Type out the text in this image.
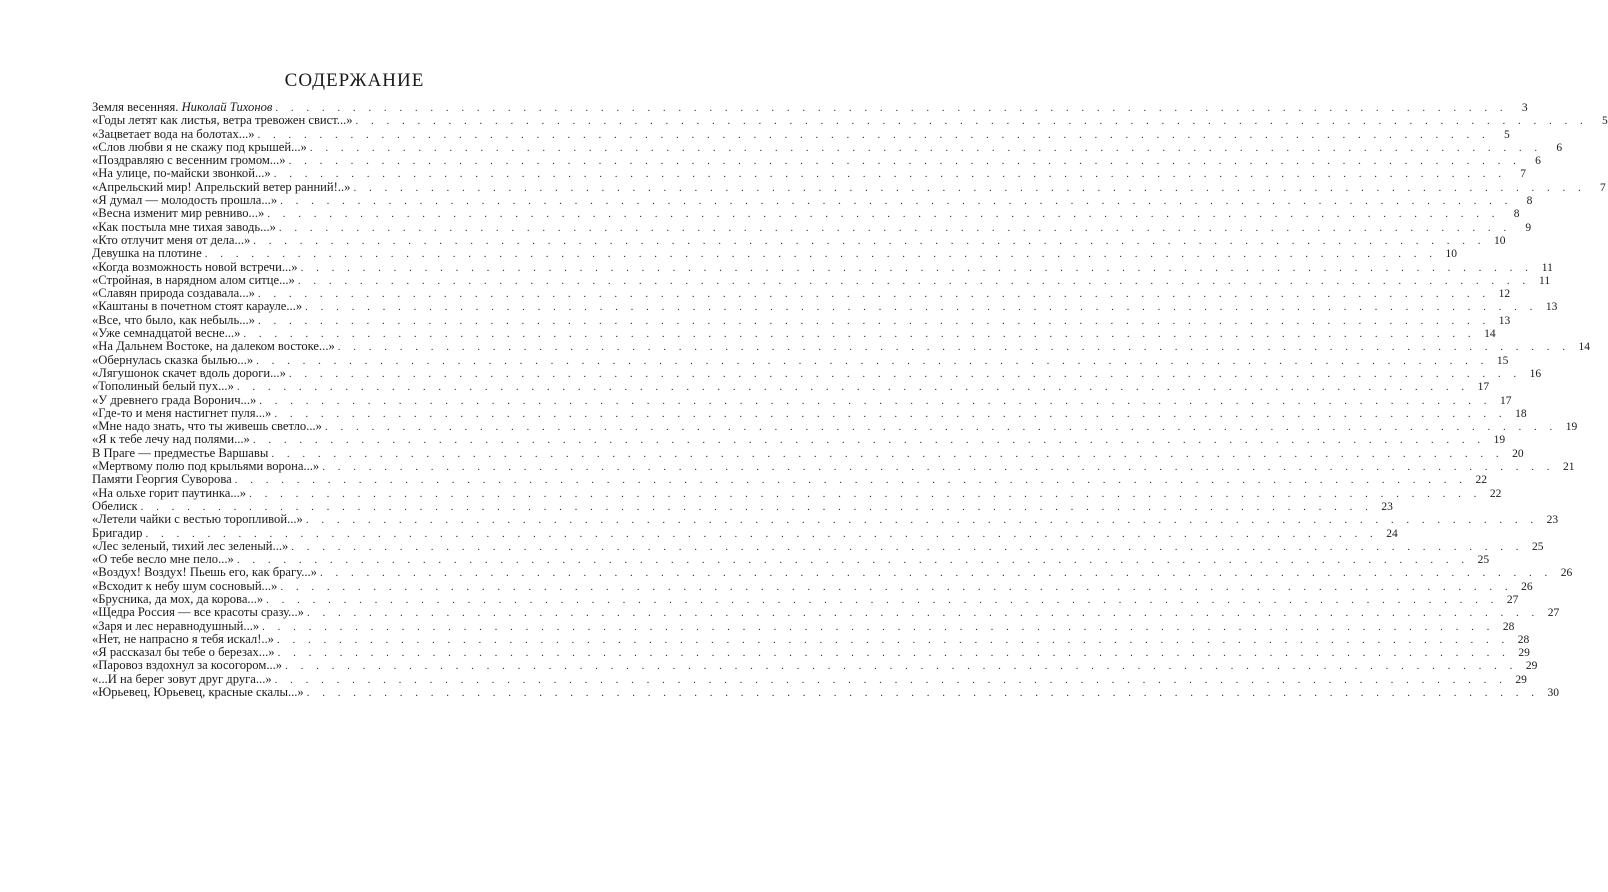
СОДЕРЖАНИЕ
Земля весенняя. Николай Тихонов . . . . . . . . . . . . . . . . . . . . . . . . . . . . . . . . . . . . . . . . . . . . . . . . . . . . . . . . . . . . . . . . . . . . . . . . . . . . . . . .	3
«Годы летят как листья, ветра тревожен свист...» . . . . . . . . . . . . . . . . . . . . . . . . . . . . . . . . . . . . . . . . . . . . . . . . . . . . . . . . . . . . . . . . . . . . . . . . . . . . . . . .	5
«Зацветает вода на болотах...» . . . . . . . . . . . . . . . . . . . . . . . . . . . . . . . . . . . . . . . . . . . . . . . . . . . . . . . . . . . . . . . . . . . . . . . . . . . . . . . .	5
«Слов любви я не скажу под крышей...» . . . . . . . . . . . . . . . . . . . . . . . . . . . . . . . . . . . . . . . . . . . . . . . . . . . . . . . . . . . . . . . . . . . . . . . . . . . . . . . .	6
«Поздравляю с весенним громом...» . . . . . . . . . . . . . . . . . . . . . . . . . . . . . . . . . . . . . . . . . . . . . . . . . . . . . . . . . . . . . . . . . . . . . . . . . . . . . . . .	6
«На улице, по-майски звонкой...» . . . . . . . . . . . . . . . . . . . . . . . . . . . . . . . . . . . . . . . . . . . . . . . . . . . . . . . . . . . . . . . . . . . . . . . . . . . . . . . .	7
«Апрельский мир! Апрельский ветер ранний!..» . . . . . . . . . . . . . . . . . . . . . . . . . . . . . . . . . . . . . . . . . . . . . . . . . . . . . . . . . . . . . . . . . . . . . . . . . . . . . . . .	7
«Я думал — молодость прошла...» . . . . . . . . . . . . . . . . . . . . . . . . . . . . . . . . . . . . . . . . . . . . . . . . . . . . . . . . . . . . . . . . . . . . . . . . . . . . . . . .	8
«Весна изменит мир ревниво...» . . . . . . . . . . . . . . . . . . . . . . . . . . . . . . . . . . . . . . . . . . . . . . . . . . . . . . . . . . . . . . . . . . . . . . . . . . . . . . . .	8
«Как постыла мне тихая заводь...» . . . . . . . . . . . . . . . . . . . . . . . . . . . . . . . . . . . . . . . . . . . . . . . . . . . . . . . . . . . . . . . . . . . . . . . . . . . . . . . .	9
«Кто отлучит меня от дела...» . . . . . . . . . . . . . . . . . . . . . . . . . . . . . . . . . . . . . . . . . . . . . . . . . . . . . . . . . . . . . . . . . . . . . . . . . . . . . . . . 10
Девушка на плотине . . . . . . . . . . . . . . . . . . . . . . . . . . . . . . . . . . . . . . . . . . . . . . . . . . . . . . . . . . . . . . . . . . . . . . . . . . . . . . . . 10
«Когда возможность новой встречи...» . . . . . . . . . . . . . . . . . . . . . . . . . . . . . . . . . . . . . . . . . . . . . . . . . . . . . . . . . . . . . . . . . . . . . . . . . . . . . . . . 11
«Стройная, в нарядном алом ситце...» . . . . . . . . . . . . . . . . . . . . . . . . . . . . . . . . . . . . . . . . . . . . . . . . . . . . . . . . . . . . . . . . . . . . . . . . . . . . . . . . 11
«Славян природа создавала...» . . . . . . . . . . . . . . . . . . . . . . . . . . . . . . . . . . . . . . . . . . . . . . . . . . . . . . . . . . . . . . . . . . . . . . . . . . . . . . . . 12
«Каштаны в почетном стоят карауле...» . . . . . . . . . . . . . . . . . . . . . . . . . . . . . . . . . . . . . . . . . . . . . . . . . . . . . . . . . . . . . . . . . . . . . . . . . . . . . . . . 13
«Все, что было, как небыль...» . . . . . . . . . . . . . . . . . . . . . . . . . . . . . . . . . . . . . . . . . . . . . . . . . . . . . . . . . . . . . . . . . . . . . . . . . . . . . . . . 13
«Уже семнадцатой весне...» . . . . . . . . . . . . . . . . . . . . . . . . . . . . . . . . . . . . . . . . . . . . . . . . . . . . . . . . . . . . . . . . . . . . . . . . . . . . . . . . 14
«На Дальнем Востоке, на далеком востоке...» . . . . . . . . . . . . . . . . . . . . . . . . . . . . . . . . . . . . . . . . . . . . . . . . . . . . . . . . . . . . . . . . . . . . . . . . . . . . . . . . 14
«Обернулась сказка былью...» . . . . . . . . . . . . . . . . . . . . . . . . . . . . . . . . . . . . . . . . . . . . . . . . . . . . . . . . . . . . . . . . . . . . . . . . . . . . . . . . 15
«Лягушонок скачет вдоль дороги...» . . . . . . . . . . . . . . . . . . . . . . . . . . . . . . . . . . . . . . . . . . . . . . . . . . . . . . . . . . . . . . . . . . . . . . . . . . . . . . . . 16
«Тополиный белый пух...» . . . . . . . . . . . . . . . . . . . . . . . . . . . . . . . . . . . . . . . . . . . . . . . . . . . . . . . . . . . . . . . . . . . . . . . . . . . . . . . . 17
«У древнего града Воронич...» . . . . . . . . . . . . . . . . . . . . . . . . . . . . . . . . . . . . . . . . . . . . . . . . . . . . . . . . . . . . . . . . . . . . . . . . . . . . . . . . 17
«Где-то и меня настигнет пуля...» . . . . . . . . . . . . . . . . . . . . . . . . . . . . . . . . . . . . . . . . . . . . . . . . . . . . . . . . . . . . . . . . . . . . . . . . . . . . . . . . 18
«Мне надо знать, что ты живешь светло...» . . . . . . . . . . . . . . . . . . . . . . . . . . . . . . . . . . . . . . . . . . . . . . . . . . . . . . . . . . . . . . . . . . . . . . . . . . . . . . . . 19
«Я к тебе лечу над полями...» . . . . . . . . . . . . . . . . . . . . . . . . . . . . . . . . . . . . . . . . . . . . . . . . . . . . . . . . . . . . . . . . . . . . . . . . . . . . . . . . 19
В Праге — предместье Варшавы . . . . . . . . . . . . . . . . . . . . . . . . . . . . . . . . . . . . . . . . . . . . . . . . . . . . . . . . . . . . . . . . . . . . . . . . . . . . . . . . 20
«Мертвому полю под крыльями ворона...» . . . . . . . . . . . . . . . . . . . . . . . . . . . . . . . . . . . . . . . . . . . . . . . . . . . . . . . . . . . . . . . . . . . . . . . . . . . . . . . . 21
Памяти Георгия Суворова . . . . . . . . . . . . . . . . . . . . . . . . . . . . . . . . . . . . . . . . . . . . . . . . . . . . . . . . . . . . . . . . . . . . . . . . . . . . . . . . 22
«На ольхе горит паутинка...» . . . . . . . . . . . . . . . . . . . . . . . . . . . . . . . . . . . . . . . . . . . . . . . . . . . . . . . . . . . . . . . . . . . . . . . . . . . . . . . . 22
Обелиск . . . . . . . . . . . . . . . . . . . . . . . . . . . . . . . . . . . . . . . . . . . . . . . . . . . . . . . . . . . . . . . . . . . . . . . . . . . . . . . . 23
«Летели чайки с вестью торопливой...» . . . . . . . . . . . . . . . . . . . . . . . . . . . . . . . . . . . . . . . . . . . . . . . . . . . . . . . . . . . . . . . . . . . . . . . . . . . . . . . . 23
Бригадир . . . . . . . . . . . . . . . . . . . . . . . . . . . . . . . . . . . . . . . . . . . . . . . . . . . . . . . . . . . . . . . . . . . . . . . . . . . . . . . . 24
«Лес зеленый, тихий лес зеленый...» . . . . . . . . . . . . . . . . . . . . . . . . . . . . . . . . . . . . . . . . . . . . . . . . . . . . . . . . . . . . . . . . . . . . . . . . . . . . . . . . 25
«О тебе весло мне пело...» . . . . . . . . . . . . . . . . . . . . . . . . . . . . . . . . . . . . . . . . . . . . . . . . . . . . . . . . . . . . . . . . . . . . . . . . . . . . . . . . 25
«Воздух! Воздух! Пьешь его, как брагу...» . . . . . . . . . . . . . . . . . . . . . . . . . . . . . . . . . . . . . . . . . . . . . . . . . . . . . . . . . . . . . . . . . . . . . . . . . . . . . . . . 26
«Всходит к небу шум сосновый...» . . . . . . . . . . . . . . . . . . . . . . . . . . . . . . . . . . . . . . . . . . . . . . . . . . . . . . . . . . . . . . . . . . . . . . . . . . . . . . . . 26
«Брусника, да мох, да корова...» . . . . . . . . . . . . . . . . . . . . . . . . . . . . . . . . . . . . . . . . . . . . . . . . . . . . . . . . . . . . . . . . . . . . . . . . . . . . . . . . 27
«Щедра Россия — все красоты сразу...» . . . . . . . . . . . . . . . . . . . . . . . . . . . . . . . . . . . . . . . . . . . . . . . . . . . . . . . . . . . . . . . . . . . . . . . . . . . . . . . . 27
«Заря и лес неравнодушный...» . . . . . . . . . . . . . . . . . . . . . . . . . . . . . . . . . . . . . . . . . . . . . . . . . . . . . . . . . . . . . . . . . . . . . . . . . . . . . . . . 28
«Нет, не напрасно я тебя искал!..» . . . . . . . . . . . . . . . . . . . . . . . . . . . . . . . . . . . . . . . . . . . . . . . . . . . . . . . . . . . . . . . . . . . . . . . . . . . . . . . . 28
«Я рассказал бы тебе о березах...» . . . . . . . . . . . . . . . . . . . . . . . . . . . . . . . . . . . . . . . . . . . . . . . . . . . . . . . . . . . . . . . . . . . . . . . . . . . . . . . . 29
«Паровоз вздохнул за косогором...» . . . . . . . . . . . . . . . . . . . . . . . . . . . . . . . . . . . . . . . . . . . . . . . . . . . . . . . . . . . . . . . . . . . . . . . . . . . . . . . . 29
«...И на берег зовут друг друга...» . . . . . . . . . . . . . . . . . . . . . . . . . . . . . . . . . . . . . . . . . . . . . . . . . . . . . . . . . . . . . . . . . . . . . . . . . . . . . . . . 29
«Юрьевец, Юрьевец, красные скалы...» . . . . . . . . . . . . . . . . . . . . . . . . . . . . . . . . . . . . . . . . . . . . . . . . . . . . . . . . . . . . . . . . . . . . . . . . . . . . . . . . 30
